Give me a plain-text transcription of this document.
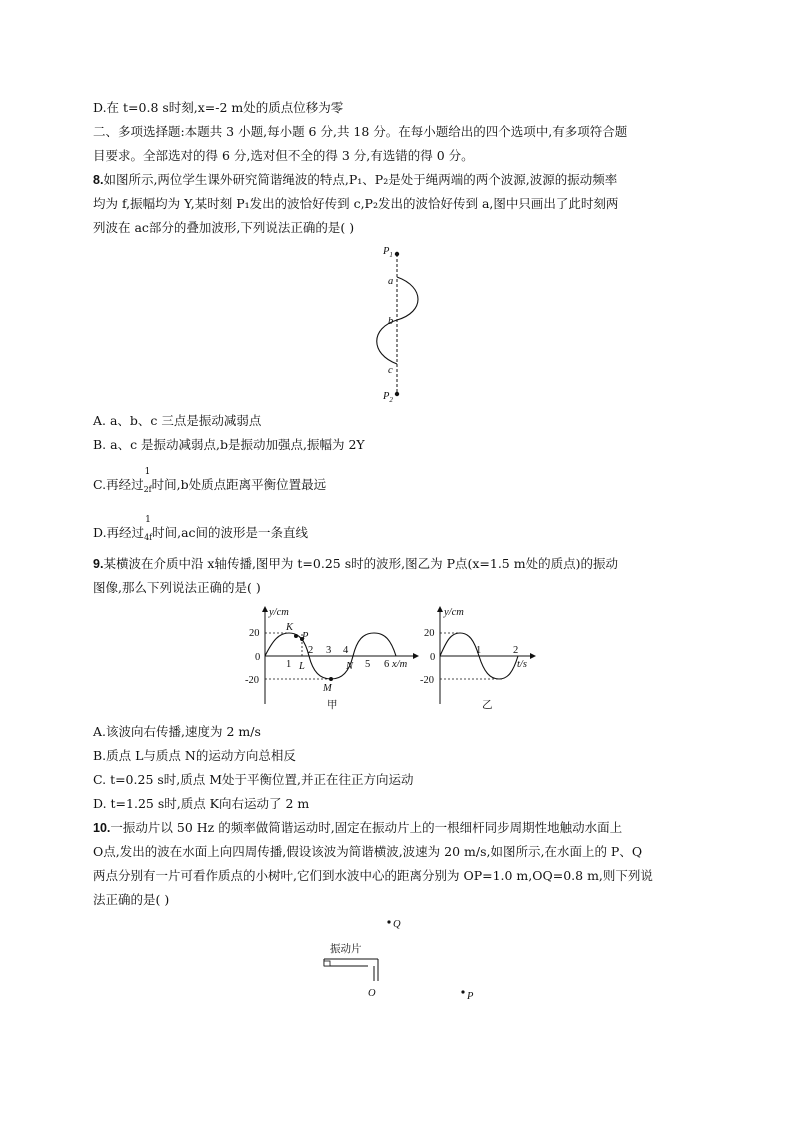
D.在 t=0.8 s时刻,x=-2 m处的质点位移为零
二、多项选择题:本题共 3 小题,每小题 6 分,共 18 分。在每小题给出的四个选项中,有多项符合题
目要求。全部选对的得 6 分,选对但不全的得 3 分,有选错的得 0 分。
8.如图所示,两位学生课外研究简谐绳波的特点,P₁、P₂是处于绳两端的两个波源,波源的振动频率
均为 f,振幅均为 Y,某时刻 P₁发出的波恰好传到 c,P₂发出的波恰好传到 a,图中只画出了此时刻两
列波在 ac部分的叠加波形,下列说法正确的是( )
$P_1$
$P_2$
a
b
c
A. a、b、c 三点是振动减弱点
B. a、c 是振动减弱点,b是振动加强点,振幅为 2Y
C.再经过
1
$_{2f}$时间,b处质点距离平衡位置最远
D.再经过
1
$_{4f}$时间,ac间的波形是一条直线
9.某横波在介质中沿 x轴传播,图甲为 t=0.25 s时的波形,图乙为 P点(x=1.5 m处的质点)的振动
图像,那么下列说法正确的是( )
y/cm
x/m
20
0
-20
K
P
L	N
M
1
2 3 4
5 6
甲
y/cm
t/s
20
0
-20
1	2
乙
A.该波向右传播,速度为 2 m/s
B.质点 L与质点 N的运动方向总相反
C. t=0.25 s时,质点 M处于平衡位置,并正在往正方向运动
D. t=1.25 s时,质点 K向右运动了 2 m
10.一振动片以 50 Hz 的频率做简谐运动时,固定在振动片上的一根细杆同步周期性地触动水面上
O点,发出的波在水面上向四周传播,假设该波为简谐横波,波速为 20 m/s,如图所示,在水面上的 P、Q
两点分别有一片可看作质点的小树叶,它们到水波中心的距离分别为 OP=1.0 m,OQ=0.8 m,则下列说
法正确的是( )
Q
振动片
O	P
